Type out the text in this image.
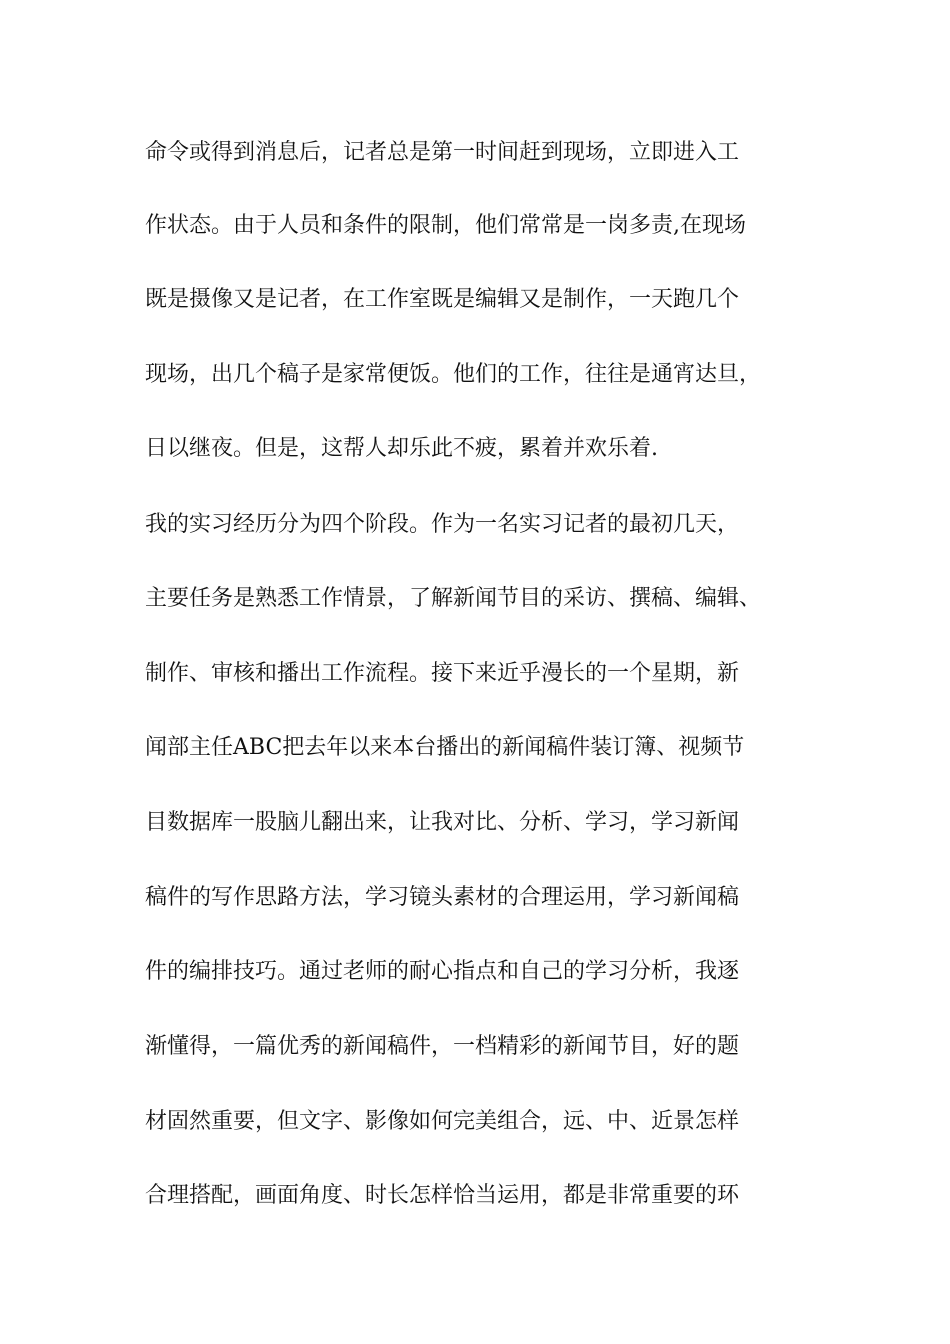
命令或得到消息后，记者总是第一时间赶到现场，立即进入工
作状态。由于人员和条件的限制，他们常常是一岗多责,在现场
既是摄像又是记者，在工作室既是编辑又是制作，一天跑几个
现场，出几个稿子是家常便饭。他们的工作，往往是通宵达旦，
日以继夜。但是，这帮人却乐此不疲，累着并欢乐着.
我的实习经历分为四个阶段。作为一名实习记者的最初几天，
主要任务是熟悉工作情景，了解新闻节目的采访、撰稿、编辑、
制作、审核和播出工作流程。接下来近乎漫长的一个星期，新
闻部主任ABC把去年以来本台播出的新闻稿件装订簿、视频节
目数据库一股脑儿翻出来，让我对比、分析、学习，学习新闻
稿件的写作思路方法，学习镜头素材的合理运用，学习新闻稿
件的编排技巧。通过老师的耐心指点和自己的学习分析，我逐
渐懂得，一篇优秀的新闻稿件，一档精彩的新闻节目，好的题
材固然重要，但文字、影像如何完美组合，远、中、近景怎样
合理搭配，画面角度、时长怎样恰当运用，都是非常重要的环
